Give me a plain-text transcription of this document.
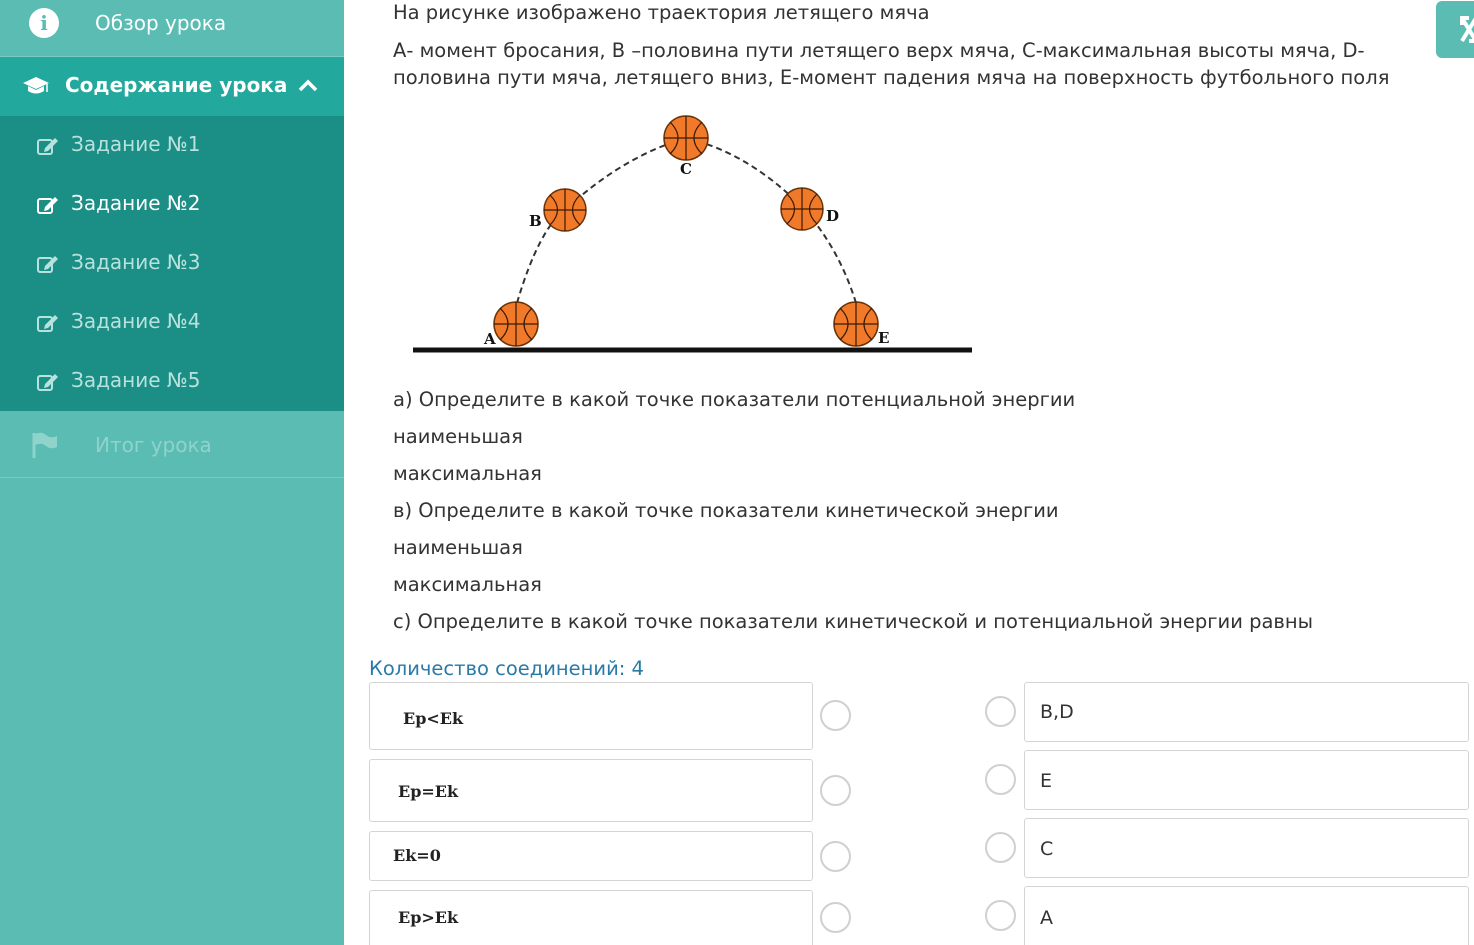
i	Обзор урока
Содержание урока
Задание №1
Задание №2
Задание №3
Задание №4
Задание №5
Итог урока
На рисунке изображено траектория летящего мяча
А- момент бросания, В –половина пути летящего верх мяча, С-максимальная высоты мяча, D- половина пути мяча, летящего вниз, Е-момент падения мяча на поверхность футбольного поля
A
B
C
D
E
а) Определите в какой точке показатели потенциальной энергии
наименьшая
максимальная
в) Определите в какой точке показатели кинетической энергии
наименьшая
максимальная
с) Определите в какой точке показатели кинетической и потенциальной энергии равны
Количество соединений: 4
Ep<Ek
Ep=Ek
Ek=0
Ep>Ek
B,D
E
C
A
